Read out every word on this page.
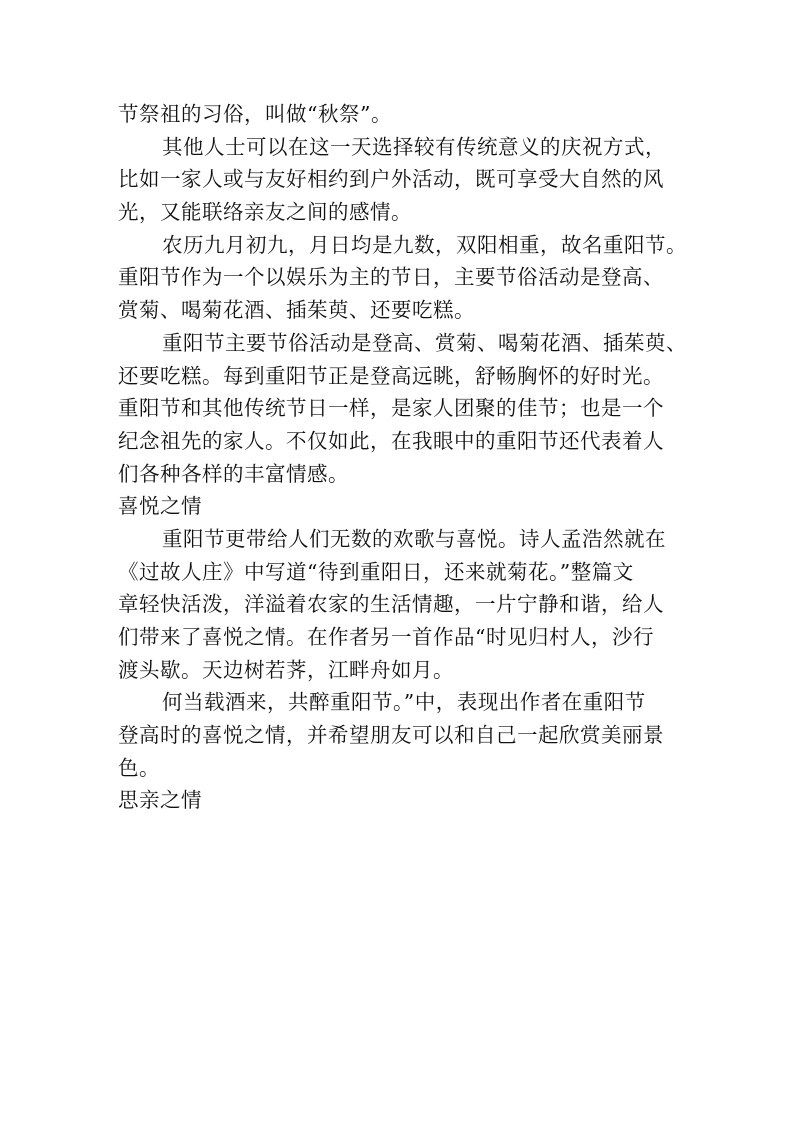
节祭祖的习俗，叫做“秋祭”。
其他人士可以在这一天选择较有传统意义的庆祝方式，
比如一家人或与友好相约到户外活动，既可享受大自然的风
光，又能联络亲友之间的感情。
农历九月初九，月日均是九数，双阳相重，故名重阳节。
重阳节作为一个以娱乐为主的节日，主要节俗活动是登高、
赏菊、喝菊花酒、插茱萸、还要吃糕。
重阳节主要节俗活动是登高、赏菊、喝菊花酒、插茱萸、
还要吃糕。每到重阳节正是登高远眺，舒畅胸怀的好时光。
重阳节和其他传统节日一样，是家人团聚的佳节；也是一个
纪念祖先的家人。不仅如此，在我眼中的重阳节还代表着人
们各种各样的丰富情感。
喜悦之情
重阳节更带给人们无数的欢歌与喜悦。诗人孟浩然就在
《过故人庄》中写道“待到重阳日，还来就菊花。”整篇文
章轻快活泼，洋溢着农家的生活情趣，一片宁静和谐，给人
们带来了喜悦之情。在作者另一首作品“时见归村人，沙行
渡头歇。天边树若荠，江畔舟如月。
何当载酒来，共醉重阳节。”中，表现出作者在重阳节
登高时的喜悦之情，并希望朋友可以和自己一起欣赏美丽景
色。
思亲之情
